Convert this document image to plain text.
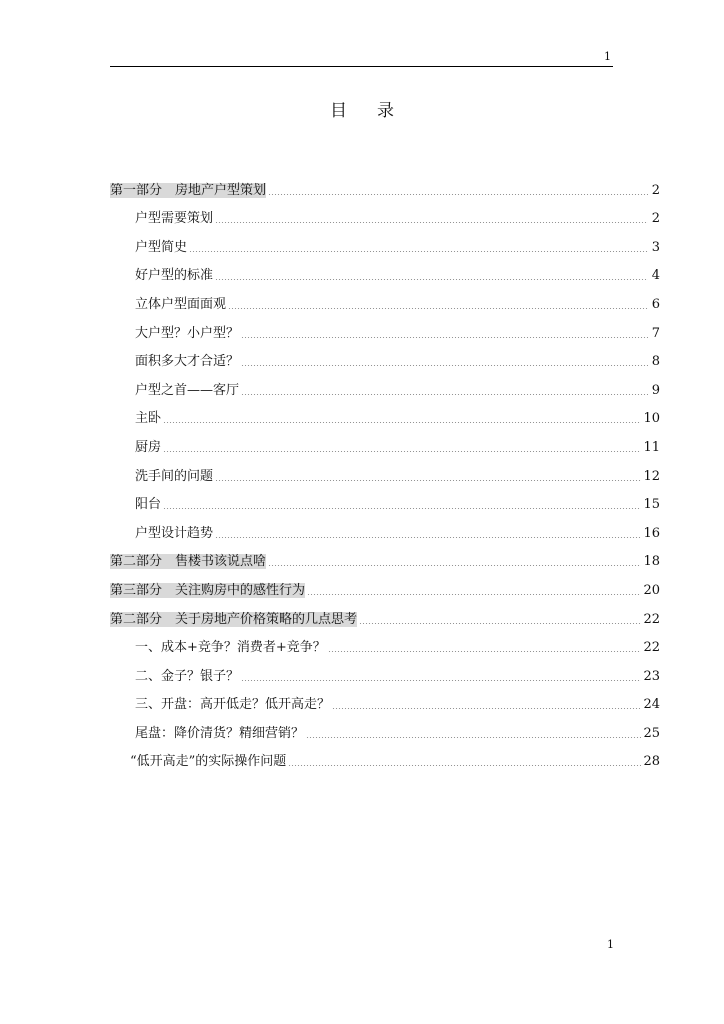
1
目 录
第一部分　房地产户型策划	2
户型需要策划	2
户型简史	3
好户型的标准	4
立体户型面面观	6
大户型？小户型？	7
面积多大才合适？	8
户型之首——客厅	9
主卧	10
厨房	11
洗手间的问题	12
阳台	15
户型设计趋势	16
第二部分　售楼书该说点啥	18
第三部分　关注购房中的感性行为	20
第二部分　关于房地产价格策略的几点思考	22
一、成本+竞争？消费者+竞争？	22
二、金子？银子？	23
三、开盘：高开低走？低开高走？	24
尾盘：降价清货？精细营销？	25
“低开高走”的实际操作问题	28
1
